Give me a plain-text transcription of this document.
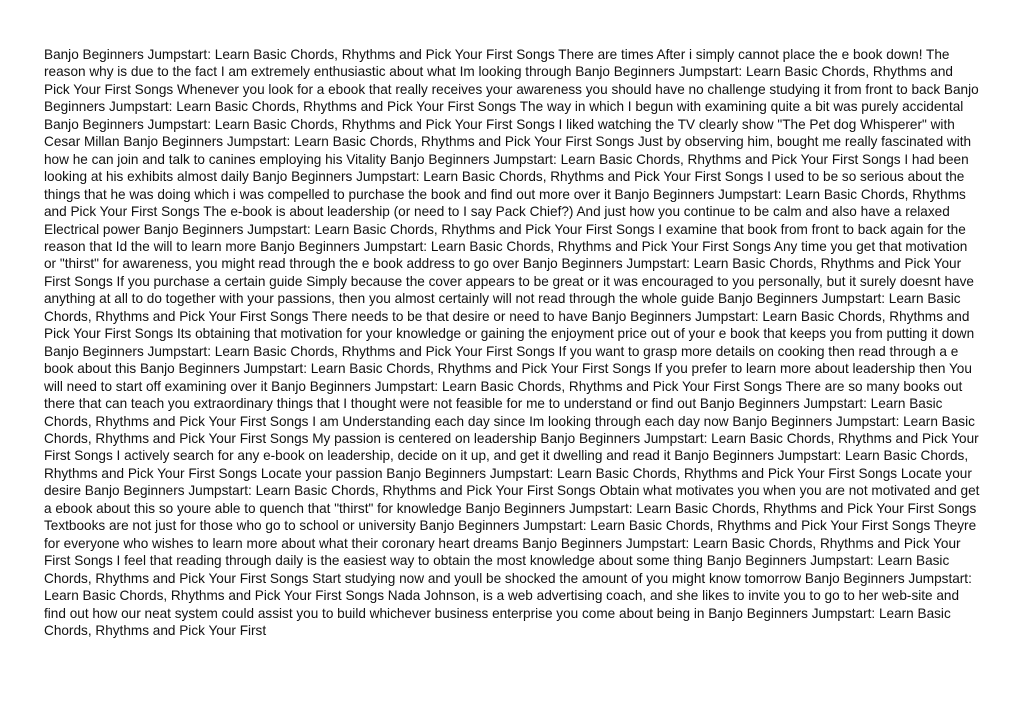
Banjo Beginners Jumpstart: Learn Basic Chords, Rhythms and Pick Your First Songs There are times After i simply cannot place the e book down! The reason why is due to the fact I am extremely enthusiastic about what Im looking through Banjo Beginners Jumpstart: Learn Basic Chords, Rhythms and Pick Your First Songs Whenever you look for a ebook that really receives your awareness you should have no challenge studying it from front to back Banjo Beginners Jumpstart: Learn Basic Chords, Rhythms and Pick Your First Songs The way in which I begun with examining quite a bit was purely accidental Banjo Beginners Jumpstart: Learn Basic Chords, Rhythms and Pick Your First Songs I liked watching the TV clearly show "The Pet dog Whisperer" with Cesar Millan Banjo Beginners Jumpstart: Learn Basic Chords, Rhythms and Pick Your First Songs Just by observing him, bought me really fascinated with how he can join and talk to canines employing his Vitality Banjo Beginners Jumpstart: Learn Basic Chords, Rhythms and Pick Your First Songs I had been looking at his exhibits almost daily Banjo Beginners Jumpstart: Learn Basic Chords, Rhythms and Pick Your First Songs I used to be so serious about the things that he was doing which i was compelled to purchase the book and find out more over it Banjo Beginners Jumpstart: Learn Basic Chords, Rhythms and Pick Your First Songs The e-book is about leadership (or need to I say Pack Chief?) And just how you continue to be calm and also have a relaxed Electrical power Banjo Beginners Jumpstart: Learn Basic Chords, Rhythms and Pick Your First Songs I examine that book from front to back again for the reason that Id the will to learn more Banjo Beginners Jumpstart: Learn Basic Chords, Rhythms and Pick Your First Songs Any time you get that motivation or "thirst" for awareness, you might read through the e book address to go over Banjo Beginners Jumpstart: Learn Basic Chords, Rhythms and Pick Your First Songs If you purchase a certain guide Simply because the cover appears to be great or it was encouraged to you personally, but it surely doesnt have anything at all to do together with your passions, then you almost certainly will not read through the whole guide Banjo Beginners Jumpstart: Learn Basic Chords, Rhythms and Pick Your First Songs There needs to be that desire or need to have Banjo Beginners Jumpstart: Learn Basic Chords, Rhythms and Pick Your First Songs Its obtaining that motivation for your knowledge or gaining the enjoyment price out of your e book that keeps you from putting it down Banjo Beginners Jumpstart: Learn Basic Chords, Rhythms and Pick Your First Songs If you want to grasp more details on cooking then read through a e book about this Banjo Beginners Jumpstart: Learn Basic Chords, Rhythms and Pick Your First Songs If you prefer to learn more about leadership then You will need to start off examining over it Banjo Beginners Jumpstart: Learn Basic Chords, Rhythms and Pick Your First Songs There are so many books out there that can teach you extraordinary things that I thought were not feasible for me to understand or find out Banjo Beginners Jumpstart: Learn Basic Chords, Rhythms and Pick Your First Songs I am Understanding each day since Im looking through each day now Banjo Beginners Jumpstart: Learn Basic Chords, Rhythms and Pick Your First Songs My passion is centered on leadership Banjo Beginners Jumpstart: Learn Basic Chords, Rhythms and Pick Your First Songs I actively search for any e-book on leadership, decide on it up, and get it dwelling and read it Banjo Beginners Jumpstart: Learn Basic Chords, Rhythms and Pick Your First Songs Locate your passion Banjo Beginners Jumpstart: Learn Basic Chords, Rhythms and Pick Your First Songs Locate your desire Banjo Beginners Jumpstart: Learn Basic Chords, Rhythms and Pick Your First Songs Obtain what motivates you when you are not motivated and get a ebook about this so youre able to quench that "thirst" for knowledge Banjo Beginners Jumpstart: Learn Basic Chords, Rhythms and Pick Your First Songs Textbooks are not just for those who go to school or university Banjo Beginners Jumpstart: Learn Basic Chords, Rhythms and Pick Your First Songs Theyre for everyone who wishes to learn more about what their coronary heart dreams Banjo Beginners Jumpstart: Learn Basic Chords, Rhythms and Pick Your First Songs I feel that reading through daily is the easiest way to obtain the most knowledge about some thing Banjo Beginners Jumpstart: Learn Basic Chords, Rhythms and Pick Your First Songs Start studying now and youll be shocked the amount of you might know tomorrow Banjo Beginners Jumpstart: Learn Basic Chords, Rhythms and Pick Your First Songs Nada Johnson, is a web advertising coach, and she likes to invite you to go to her web-site and find out how our neat system could assist you to build whichever business enterprise you come about being in Banjo Beginners Jumpstart: Learn Basic Chords, Rhythms and Pick Your First
